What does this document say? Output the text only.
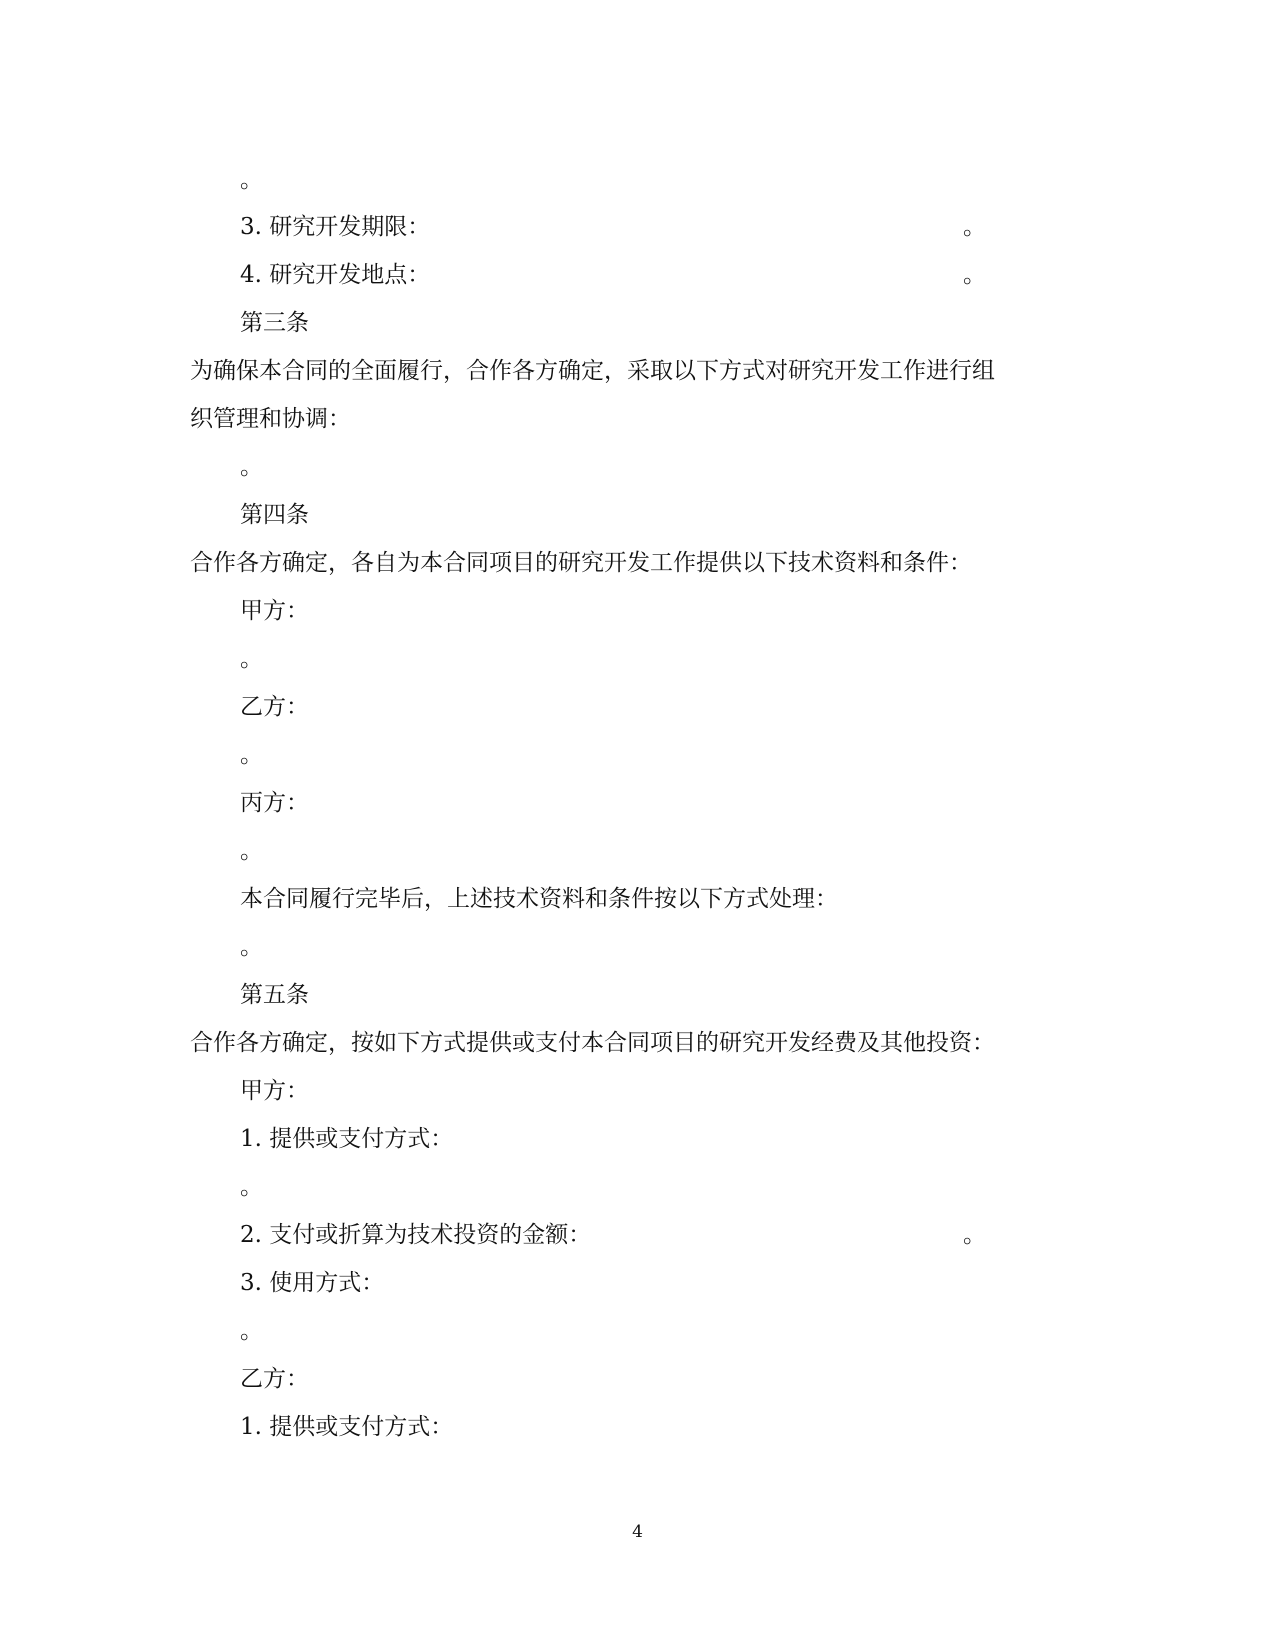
。
3. 研究开发期限：	。
4. 研究开发地点：	。
第三条
为确保本合同的全面履行，合作各方确定，采取以下方式对研究开发工作进行组
织管理和协调：
。
第四条
合作各方确定，各自为本合同项目的研究开发工作提供以下技术资料和条件：
甲方：
。
乙方：
。
丙方：
。
本合同履行完毕后，上述技术资料和条件按以下方式处理：
。
第五条
合作各方确定，按如下方式提供或支付本合同项目的研究开发经费及其他投资：
甲方：
1. 提供或支付方式：
。
2. 支付或折算为技术投资的金额：	。
3. 使用方式：
。
乙方：
1. 提供或支付方式：
4
